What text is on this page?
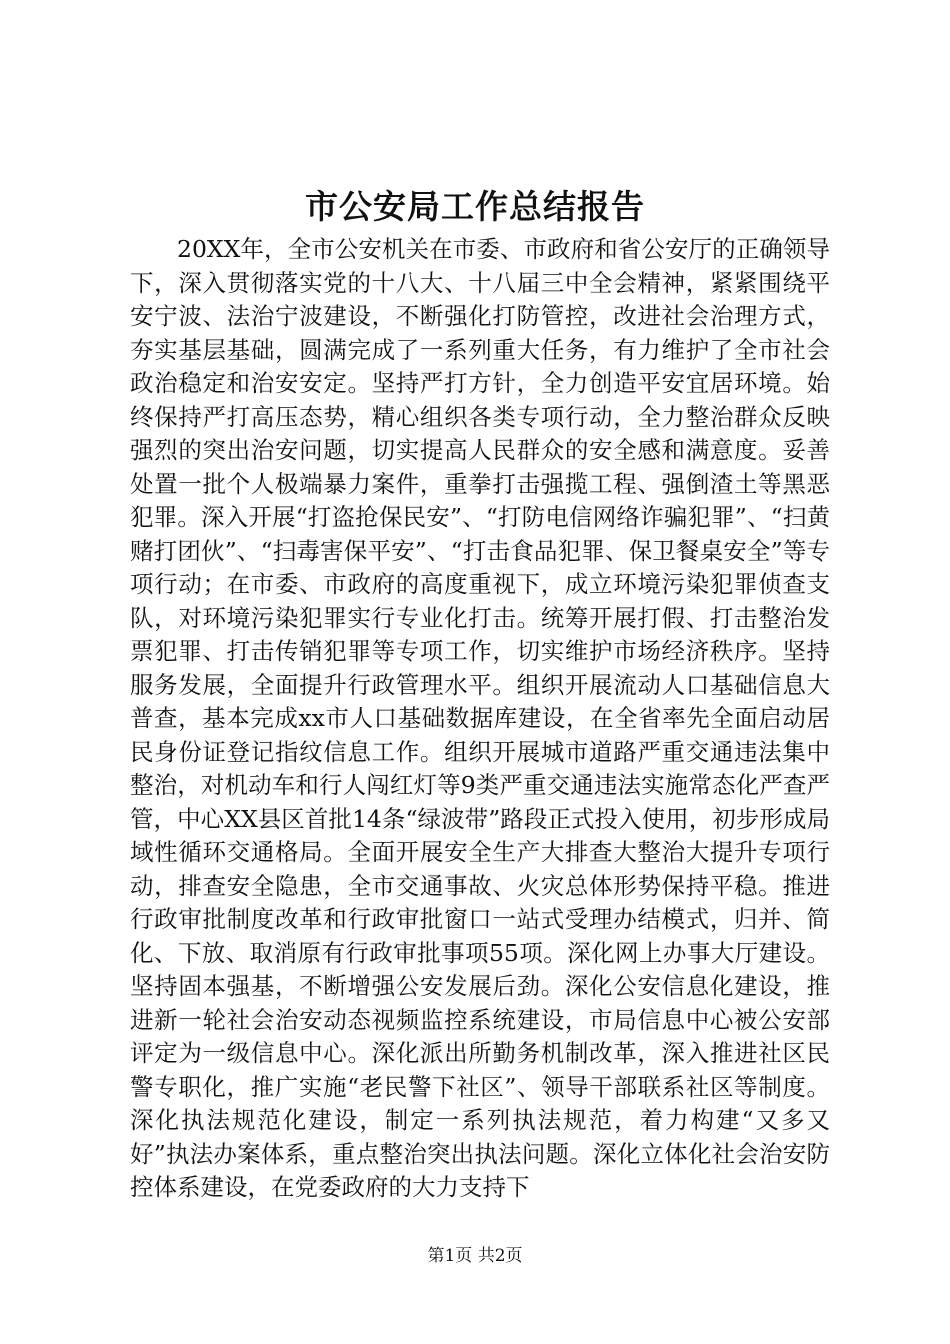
市公安局工作总结报告

20XX年，全市公安机关在市委、市政府和省公安厅的正确领导下，深入贯彻落实党的十八大、十八届三中全会精神，紧紧围绕平安宁波、法治宁波建设，不断强化打防管控，改进社会治理方式，夯实基层基础，圆满完成了一系列重大任务，有力维护了全市社会政治稳定和治安安定。坚持严打方针，全力创造平安宜居环境。始终保持严打高压态势，精心组织各类专项行动，全力整治群众反映强烈的突出治安问题，切实提高人民群众的安全感和满意度。妥善处置一批个人极端暴力案件，重拳打击强揽工程、强倒渣土等黑恶犯罪。深入开展“打盗抢保民安”、“打防电信网络诈骗犯罪”、“扫黄赌打团伙”、“扫毒害保平安”、“打击食品犯罪、保卫餐桌安全”等专项行动；在市委、市政府的高度重视下，成立环境污染犯罪侦查支队，对环境污染犯罪实行专业化打击。统筹开展打假、打击整治发票犯罪、打击传销犯罪等专项工作，切实维护市场经济秩序。坚持服务发展，全面提升行政管理水平。组织开展流动人口基础信息大普查，基本完成xx市人口基础数据库建设，在全省率先全面启动居民身份证登记指纹信息工作。组织开展城市道路严重交通违法集中整治，对机动车和行人闯红灯等9类严重交通违法实施常态化严查严管，中心XX县区首批14条“绿波带”路段正式投入使用，初步形成局域性循环交通格局。全面开展安全生产大排查大整治大提升专项行动，排查安全隐患，全市交通事故、火灾总体形势保持平稳。推进行政审批制度改革和行政审批窗口一站式受理办结模式，归并、简化、下放、取消原有行政审批事项55项。深化网上办事大厅建设。坚持固本强基，不断增强公安发展后劲。深化公安信息化建设，推进新一轮社会治安动态视频监控系统建设，市局信息中心被公安部评定为一级信息中心。深化派出所勤务机制改革，深入推进社区民警专职化，推广实施“老民警下社区”、领导干部联系社区等制度。深化执法规范化建设，制定一系列执法规范，着力构建“又多又好”执法办案体系，重点整治突出执法问题。深化立体化社会治安防控体系建设，在党委政府的大力支持下

第1页 共2页
